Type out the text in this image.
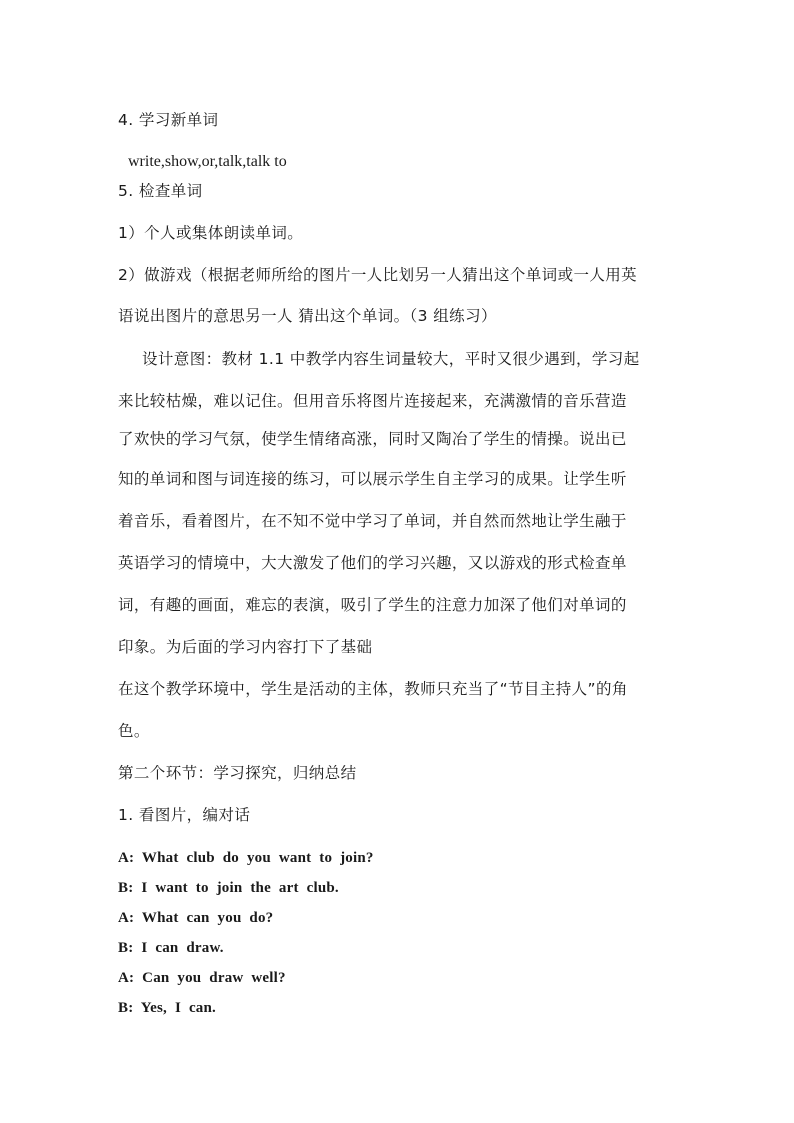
4. 学习新单词
write,show,or,talk,talk to
5. 检查单词
1）个人或集体朗读单词。
2）做游戏（根据老师所给的图片一人比划另一人猜出这个单词或一人用英
语说出图片的意思另一人 猜出这个单词。（3 组练习）
设计意图：教材 1.1 中教学内容生词量较大，平时又很少遇到，学习起
来比较枯燥，难以记住。但用音乐将图片连接起来，充满激情的音乐营造
了欢快的学习气氛，使学生情绪高涨，同时又陶冶了学生的情操。说出已
知的单词和图与词连接的练习，可以展示学生自主学习的成果。让学生听
着音乐，看着图片，在不知不觉中学习了单词，并自然而然地让学生融于
英语学习的情境中，大大激发了他们的学习兴趣，又以游戏的形式检查单
词，有趣的画面，难忘的表演，吸引了学生的注意力加深了他们对单词的
印象。为后面的学习内容打下了基础
在这个教学环境中，学生是活动的主体，教师只充当了“节目主持人”的角
色。
第二个环节：学习探究，归纳总结
1. 看图片，编对话
A: What club do you want to join?
B: I want to join the art club.
A: What can you do?
B: I can draw.
A: Can you draw well?
B: Yes, I can.
